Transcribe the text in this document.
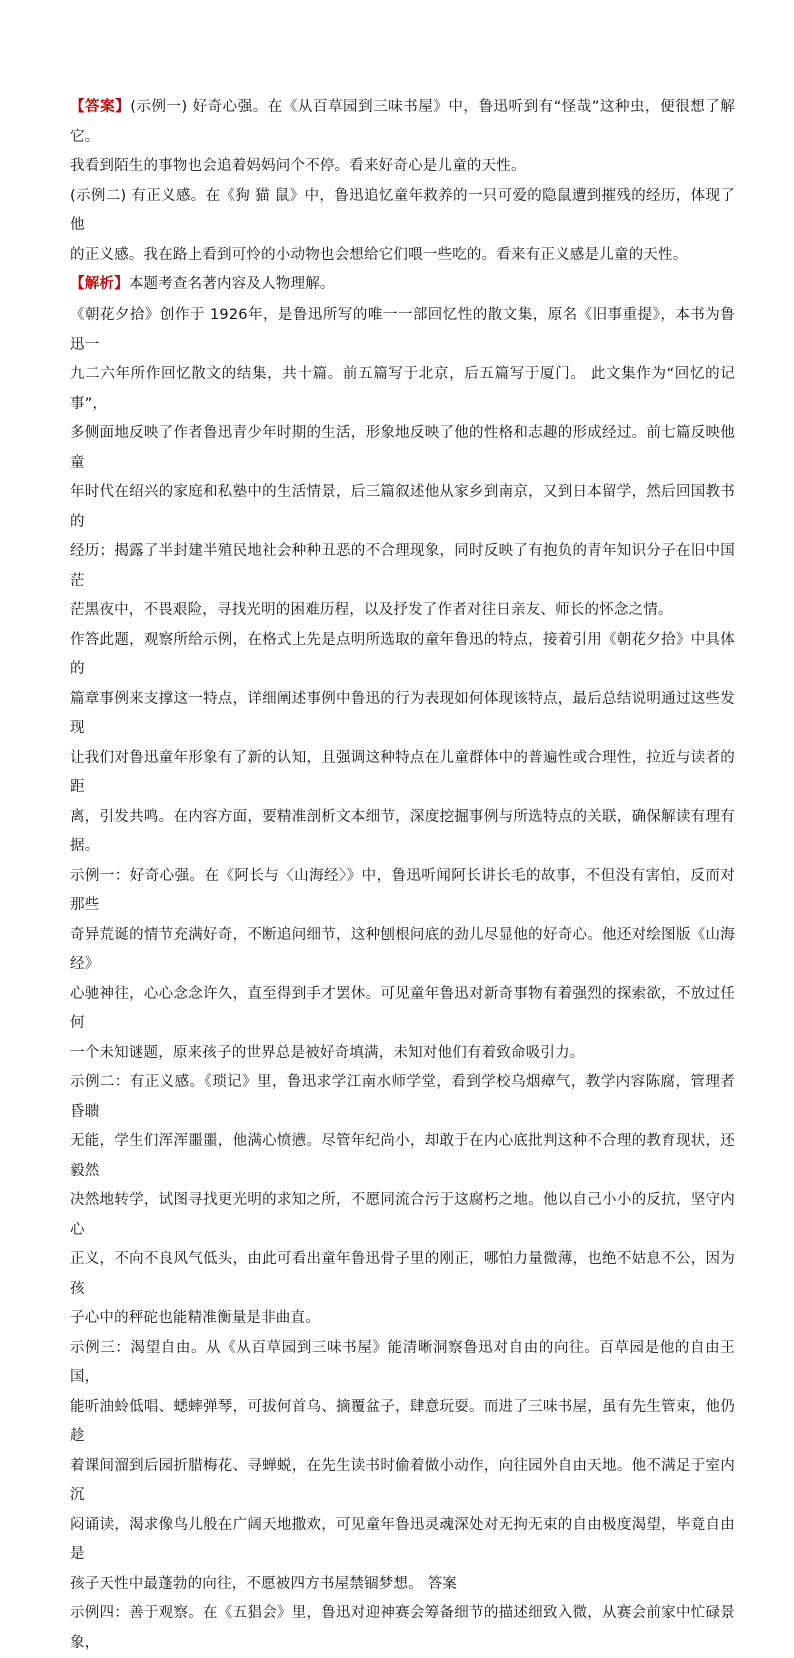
【答案】(示例一) 好奇心强。在《从百草园到三味书屋》中，鲁迅听到有“怪哉”这种虫，便很想了解它。

我看到陌生的事物也会追着妈妈问个不停。看来好奇心是儿童的天性。

(示例二) 有正义感。在《狗 猫 鼠》中，鲁迅追忆童年救养的一只可爱的隐鼠遭到摧残的经历，体现了他

的正义感。我在路上看到可怜的小动物也会想给它们喂一些吃的。看来有正义感是儿童的天性。

【解析】本题考查名著内容及人物理解。

《朝花夕拾》创作于 1926年，是鲁迅所写的唯一一部回忆性的散文集，原名《旧事重提》，本书为鲁迅一

九二六年所作回忆散文的结集，共十篇。前五篇写于北京，后五篇写于厦门。 此文集作为“回忆的记事”，

多侧面地反映了作者鲁迅青少年时期的生活，形象地反映了他的性格和志趣的形成经过。前七篇反映他童

年时代在绍兴的家庭和私塾中的生活情景，后三篇叙述他从家乡到南京，又到日本留学，然后回国教书的

经历；揭露了半封建半殖民地社会种种丑恶的不合理现象，同时反映了有抱负的青年知识分子在旧中国茫

茫黑夜中，不畏艰险，寻找光明的困难历程，以及抒发了作者对往日亲友、师长的怀念之情。

作答此题，观察所给示例，在格式上先是点明所选取的童年鲁迅的特点，接着引用《朝花夕拾》中具体的

篇章事例来支撑这一特点，详细阐述事例中鲁迅的行为表现如何体现该特点，最后总结说明通过这些发现

让我们对鲁迅童年形象有了新的认知，且强调这种特点在儿童群体中的普遍性或合理性，拉近与读者的距

离，引发共鸣。在内容方面，要精准剖析文本细节，深度挖掘事例与所选特点的关联，确保解读有理有据。

示例一：好奇心强。在《阿长与〈山海经〉》中，鲁迅听闻阿长讲长毛的故事，不但没有害怕，反而对那些

奇异荒诞的情节充满好奇，不断追问细节，这种刨根问底的劲儿尽显他的好奇心。他还对绘图版《山海经》

心驰神往，心心念念许久，直至得到手才罢休。可见童年鲁迅对新奇事物有着强烈的探索欲，不放过任何

一个未知谜题，原来孩子的世界总是被好奇填满，未知对他们有着致命吸引力。

示例二：有正义感。《琐记》里，鲁迅求学江南水师学堂，看到学校乌烟瘴气，教学内容陈腐，管理者昏聩

无能，学生们浑浑噩噩，他满心愤懑。尽管年纪尚小，却敢于在内心底批判这种不合理的教育现状，还毅然

决然地转学，试图寻找更光明的求知之所，不愿同流合污于这腐朽之地。他以自己小小的反抗，坚守内心

正义，不向不良风气低头，由此可看出童年鲁迅骨子里的刚正，哪怕力量微薄，也绝不姑息不公，因为孩

子心中的秤砣也能精准衡量是非曲直。

示例三：渴望自由。从《从百草园到三味书屋》能清晰洞察鲁迅对自由的向往。百草园是他的自由王国，

能听油蛉低唱、蟋蟀弹琴，可拔何首乌、摘覆盆子，肆意玩耍。而进了三味书屋，虽有先生管束，他仍趁

着课间溜到后园折腊梅花、寻蝉蜕，在先生读书时偷着做小动作，向往园外自由天地。他不满足于室内沉

闷诵读，渴求像鸟儿般在广阔天地撒欢，可见童年鲁迅灵魂深处对无拘无束的自由极度渴望，毕竟自由是

孩子天性中最蓬勃的向往，不愿被四方书屋禁锢梦想。 答案

示例四：善于观察。在《五猖会》里，鲁迅对迎神赛会筹备细节的描述细致入微，从赛会前家中忙碌景象，
